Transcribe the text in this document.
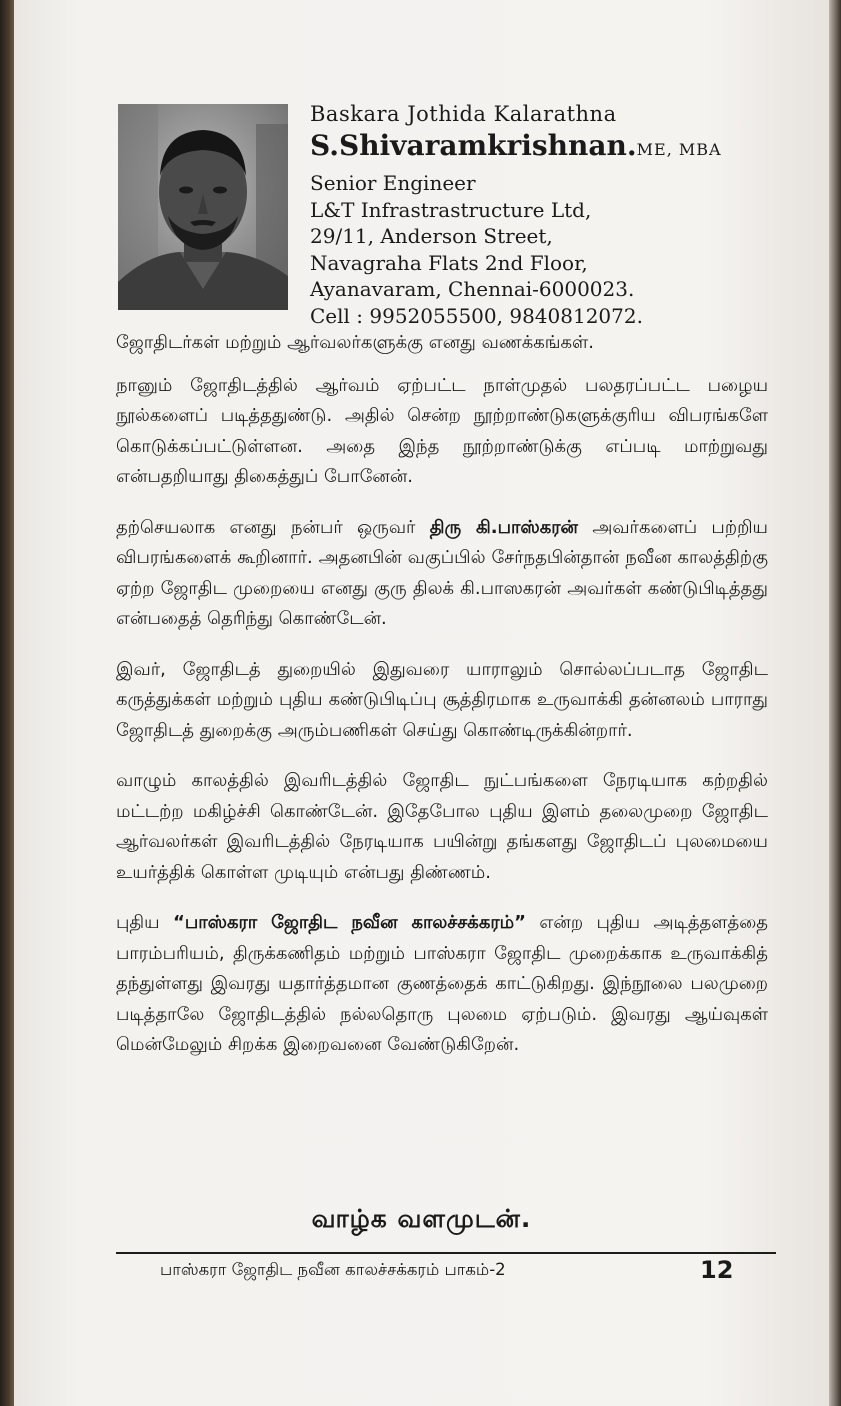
Baskara Jothida Kalarathna
S.Shivaramkrishnan.ME, MBA
Senior Engineer
L&T Infrastrastructure Ltd,
29/11, Anderson Street,
Navagraha Flats 2nd Floor,
Ayanavaram, Chennai-6000023.
Cell : 9952055500, 9840812072.

ஜோதிடர்கள் மற்றும் ஆர்வலர்களுக்கு எனது வணக்கங்கள்.

நானும் ஜோதிடத்தில் ஆர்வம் ஏற்பட்ட நாள்முதல் பலதரப்பட்ட பழைய நூல்களைப் படித்ததுண்டு. அதில் சென்ற நூற்றாண்டுகளுக்குரிய விபரங்களே கொடுக்கப்பட்டுள்ளன. அதை இந்த நூற்றாண்டுக்கு எப்படி மாற்றுவது என்பதறியாது திகைத்துப் போனேன்.

தற்செயலாக எனது நன்பர் ஒருவர் திரு கி.பாஸ்கரன் அவர்களைப் பற்றிய விபரங்களைக் கூறினார். அதனபின் வகுப்பில் சேர்நதபின்தான் நவீன காலத்திற்கு ஏற்ற ஜோதிட முறையை எனது குரு திலக் கி.பாஸகரன் அவர்கள் கண்டுபிடித்தது என்பதைத் தெரிந்து கொண்டேன்.

இவர், ஜோதிடத் துறையில் இதுவரை யாராலும் சொல்லப்படாத ஜோதிட கருத்துக்கள் மற்றும் புதிய கண்டுபிடிப்பு சூத்திரமாக உருவாக்கி தன்னலம் பாராது ஜோதிடத் துறைக்கு அரும்பணிகள் செய்து கொண்டிருக்கின்றார்.

வாழும் காலத்தில் இவரிடத்தில் ஜோதிட நுட்பங்களை நேரடியாக கற்றதில் மட்டற்ற மகிழ்ச்சி கொண்டேன். இதேபோல புதிய இளம் தலைமுறை ஜோதிட ஆர்வலர்கள் இவரிடத்தில் நேரடியாக பயின்று தங்களது ஜோதிடப் புலமையை உயர்த்திக் கொள்ள முடியும் என்பது திண்ணம்.

புதிய “பாஸ்கரா ஜோதிட நவீன காலச்சக்கரம்” என்ற புதிய அடித்தளத்தை பாரம்பரியம், திருக்கணிதம் மற்றும் பாஸ்கரா ஜோதிட முறைக்காக உருவாக்கித் தந்துள்ளது இவரது யதார்த்தமான குணத்தைக் காட்டுகிறது. இந்நூலை பலமுறை படித்தாலே ஜோதிடத்தில் நல்லதொரு புலமை ஏற்படும். இவரது ஆய்வுகள் மென்மேலும் சிறக்க இறைவனை வேண்டுகிறேன்.

வாழ்க வளமுடன்.
பாஸ்கரா ஜோதிட நவீன காலச்சக்கரம் பாகம்-2	12
